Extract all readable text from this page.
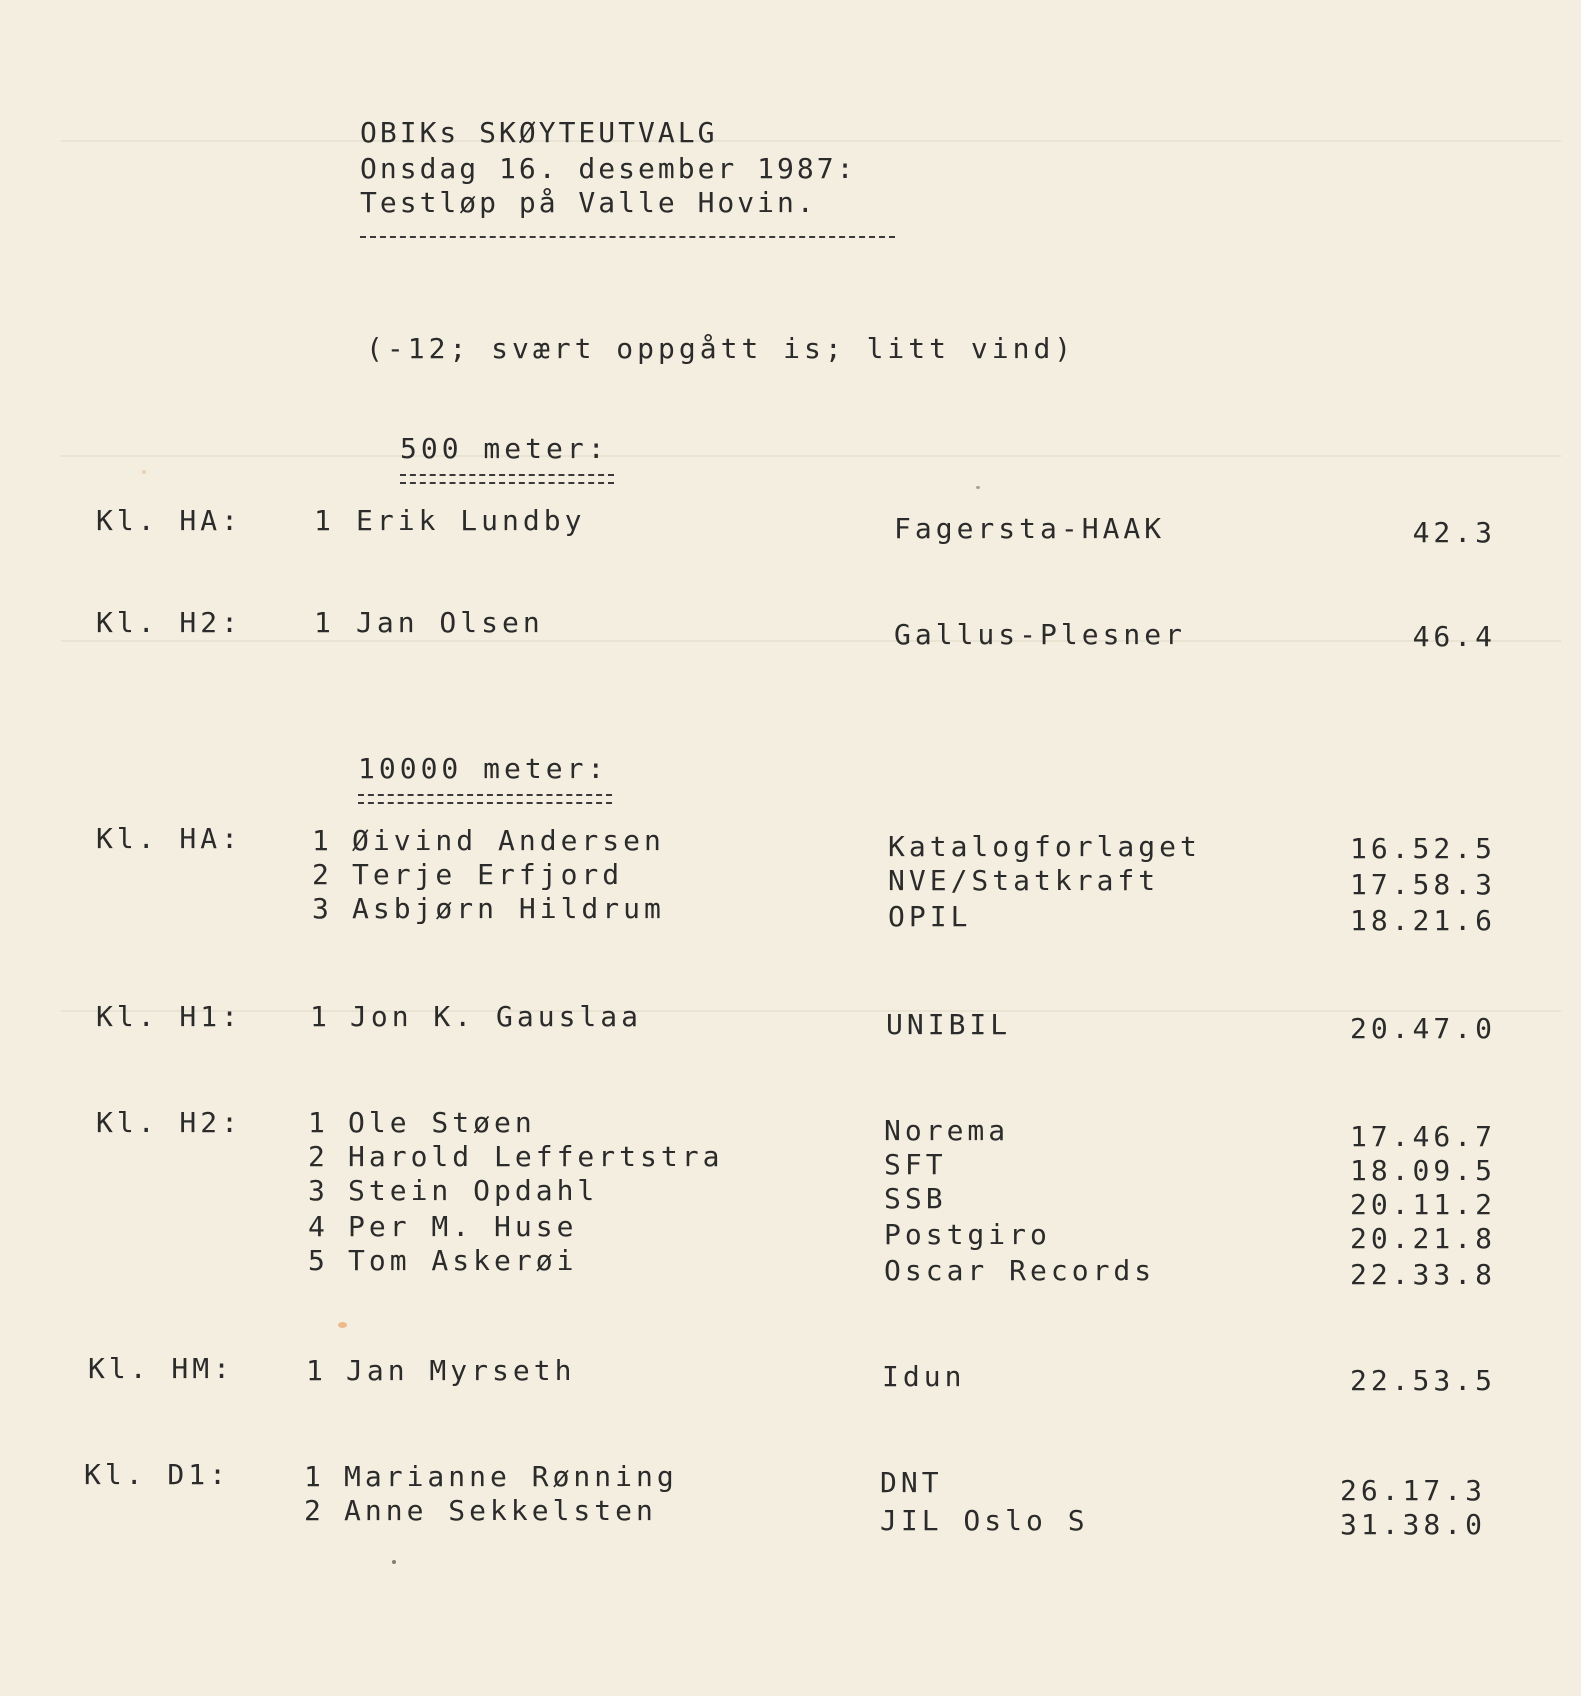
OBIKs SKØYTEUTVALG
Onsdag 16. desember 1987:
Testløp på Valle Hovin.
(-12; svært oppgått is; litt vind)
500 meter:
Kl. HA:	1 Erik Lundby	Fagersta-HAAK	42.3
Kl. H2:	1 Jan Olsen	Gallus-Plesner	46.4
10000 meter:
Kl. HA: 1 Øivind Andersen	Katalogforlaget	16.52.5
2 Terje Erfjord	NVE/Statkraft	17.58.3
3 Asbjørn Hildrum	OPIL	18.21.6
Kl. H1: 1 Jon K. Gauslaa	UNIBIL	20.47.0
Kl. H2: 1 Ole Støen	Norema	17.46.7
2 Harold Leffertstra	SFT	18.09.5
3 Stein Opdahl	SSB	20.11.2
4 Per M. Huse	Postgiro	20.21.8
5 Tom Askerøi	Oscar Records	22.33.8
Kl. HM:	1 Jan Myrseth	Idun	22.53.5
Kl. D1:	1 Marianne Rønning	DNT	26.17.3
2 Anne Sekkelsten	JIL Oslo S	31.38.0
